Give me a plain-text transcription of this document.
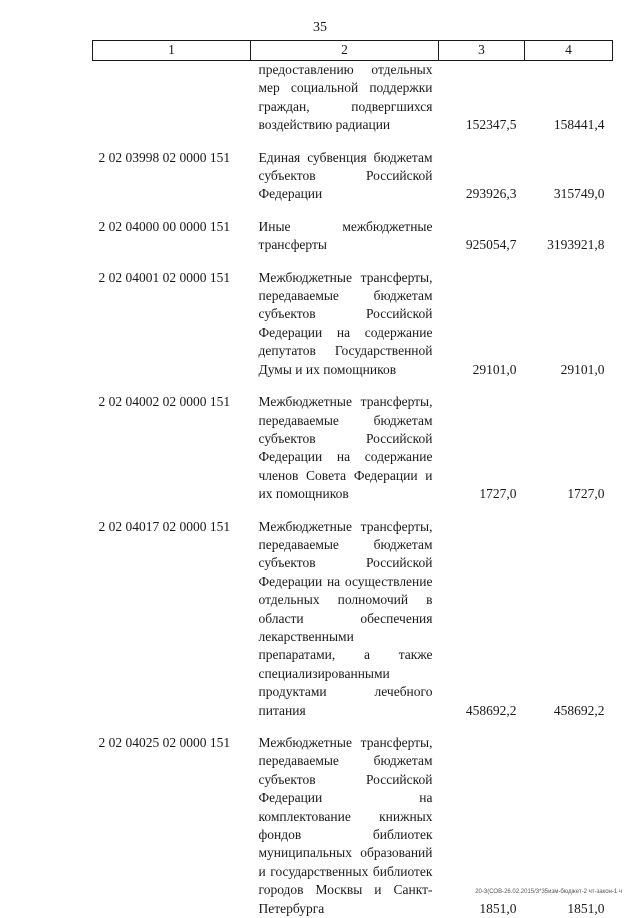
35
1	2	3	4
	предоставлению отдельных мер социальной поддержки граждан, подвергшихся воздействию радиации	152347,5	158441,4

2 02 03998 02 0000 151	Единая субвенция бюджетам субъектов Российской Федерации	293926,3	315749,0

2 02 04000 00 0000 151	Иные межбюджетные трансферты	925054,7	3193921,8

2 02 04001 02 0000 151	Межбюджетные трансферты, передаваемые бюджетам субъектов Российской Федерации на содержание депутатов Государственной Думы и их помощников	29101,0	29101,0

2 02 04002 02 0000 151	Межбюджетные трансферты, передаваемые бюджетам субъектов Российской Федерации на содержание членов Совета Федерации и их помощников	1727,0	1727,0

2 02 04017 02 0000 151	Межбюджетные трансферты, передаваемые бюджетам субъектов Российской Федерации на осуществление отдельных полномочий в области обеспечения лекарственными препаратами, а также специализированными продуктами лечебного питания	458692,2	458692,2

2 02 04025 02 0000 151	Межбюджетные трансферты, передаваемые бюджетам субъектов Российской Федерации на комплектование книжных фондов библиотек муниципальных образований и государственных библиотек городов Москвы и Санкт-Петербурга	1851,0	1851,0
20-3(СОВ-26.02.2015/3*35изм-бюджет-2 чт-закон-1 ч
